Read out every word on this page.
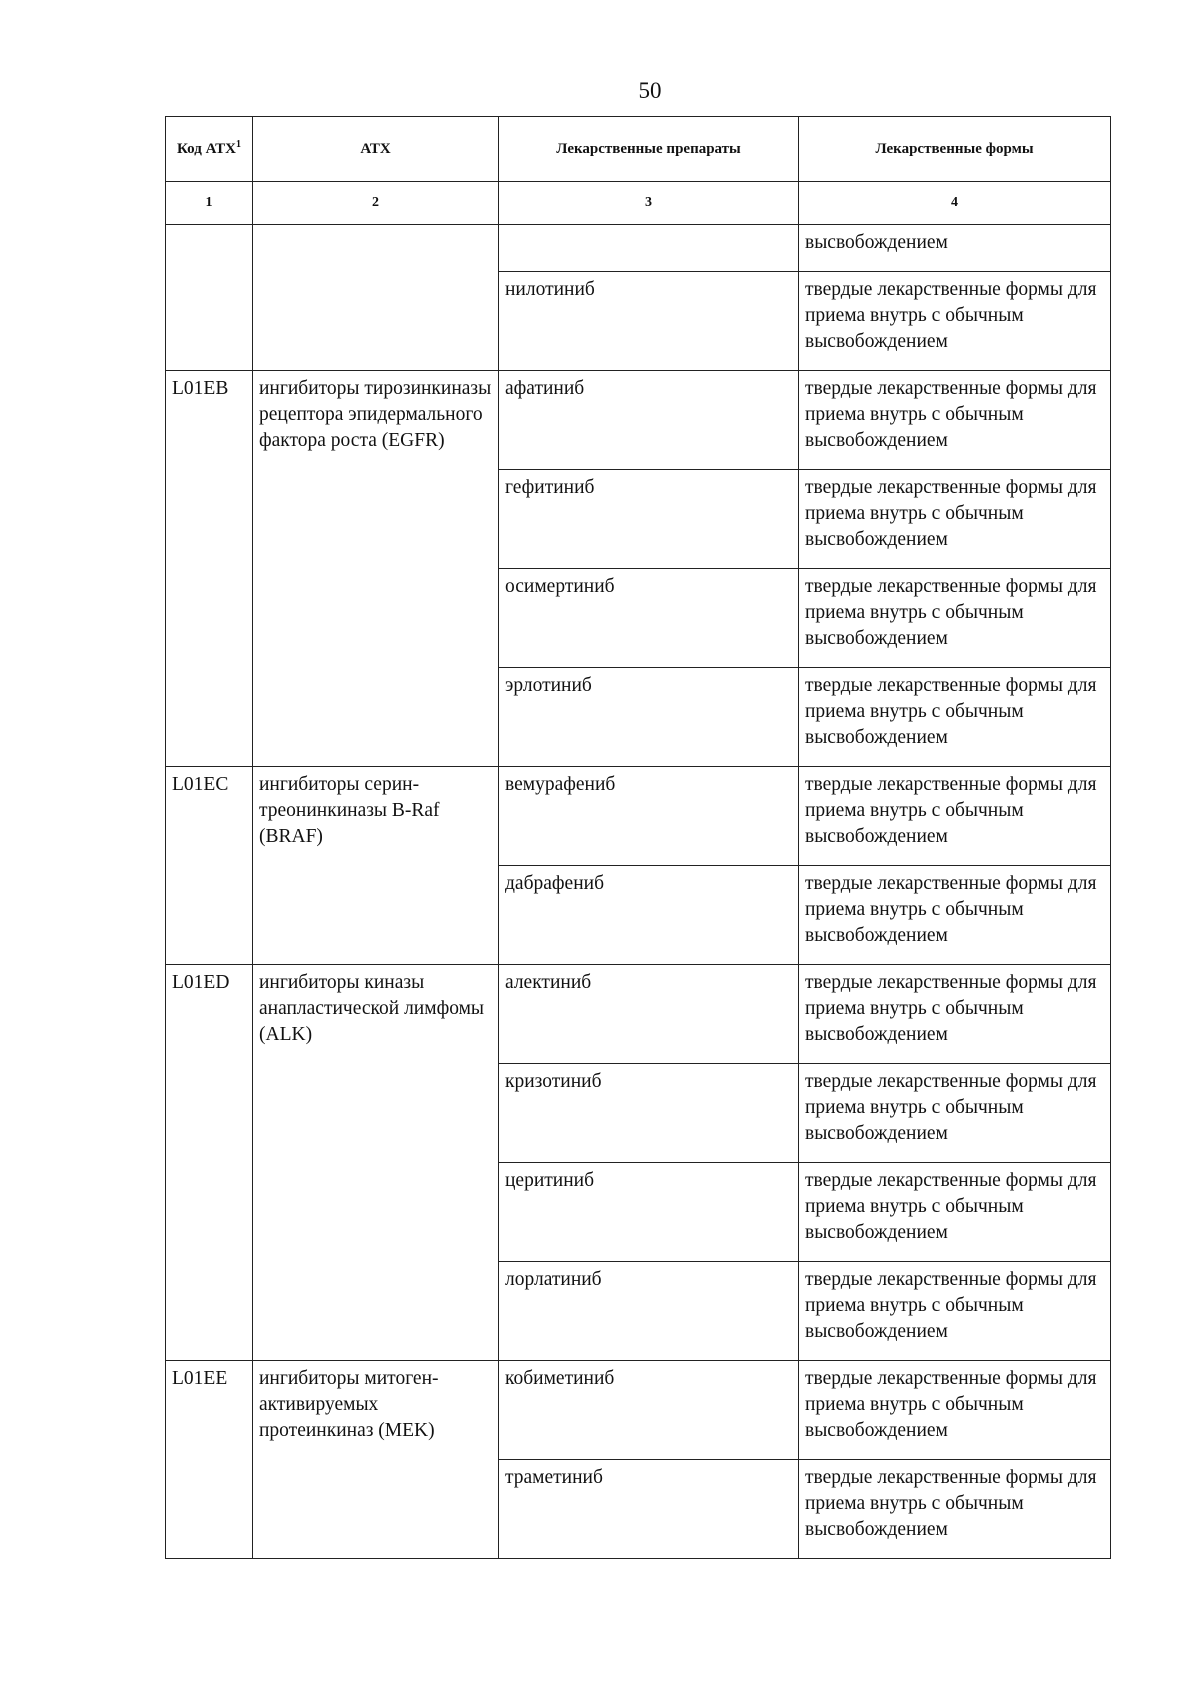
50
Код АТХ$^1$	АТХ	Лекарственные препараты	Лекарственные формы
1	2	3	4
			высвобождением
		нилотиниб	твердые лекарственные формы для приема внутрь с обычным высвобождением
L01EB	ингибиторы тирозинкиназы рецептора эпидермального фактора роста (EGFR)	афатиниб	твердые лекарственные формы для приема внутрь с обычным высвобождением
		гефитиниб	твердые лекарственные формы для приема внутрь с обычным высвобождением
		осимертиниб	твердые лекарственные формы для приема внутрь с обычным высвобождением
		эрлотиниб	твердые лекарственные формы для приема внутрь с обычным высвобождением
L01EC	ингибиторы серин-треонинкиназы B-Raf (BRAF)	вемурафениб	твердые лекарственные формы для приема внутрь с обычным высвобождением
		дабрафениб	твердые лекарственные формы для приема внутрь с обычным высвобождением
L01ED	ингибиторы киназы анапластической лимфомы (ALK)	алектиниб	твердые лекарственные формы для приема внутрь с обычным высвобождением
		кризотиниб	твердые лекарственные формы для приема внутрь с обычным высвобождением
		церитиниб	твердые лекарственные формы для приема внутрь с обычным высвобождением
		лорлатиниб	твердые лекарственные формы для приема внутрь с обычным высвобождением
L01EE	ингибиторы митоген-активируемых протеинкиназ (MEK)	кобиметиниб	твердые лекарственные формы для приема внутрь с обычным высвобождением
		траметиниб	твердые лекарственные формы для приема внутрь с обычным высвобождением
